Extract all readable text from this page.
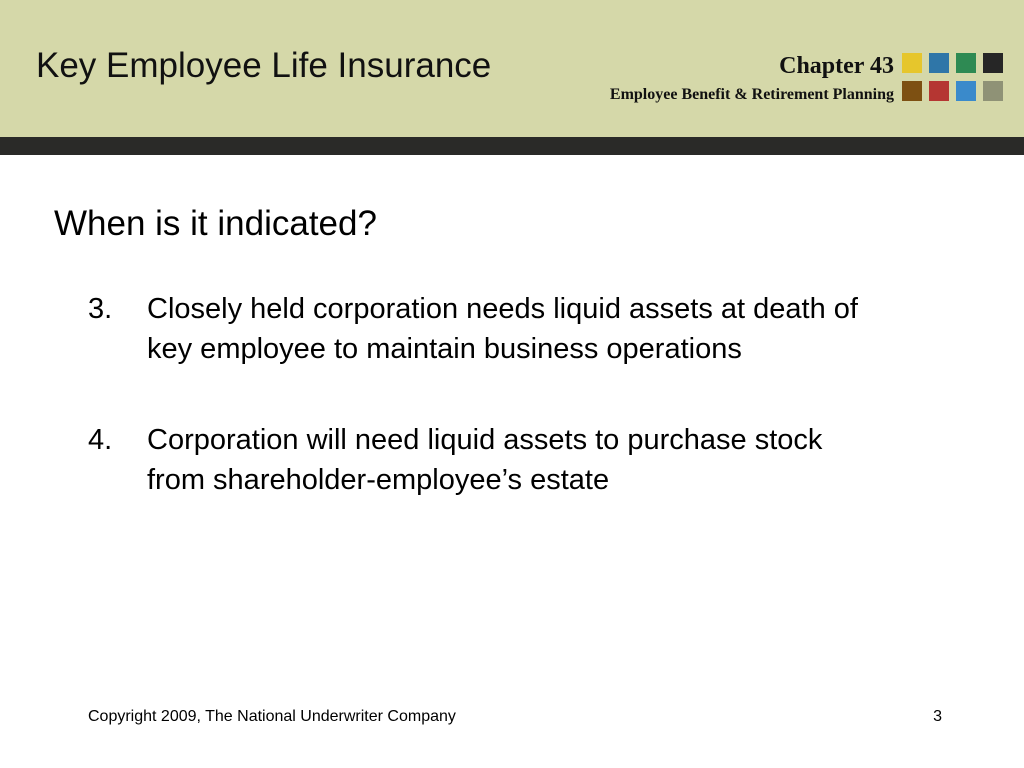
Key Employee Life Insurance	Chapter 43
Employee Benefit & Retirement Planning
When is it indicated?
3.	Closely held corporation needs liquid assets at death of key employee to maintain business operations
4.	Corporation will need liquid assets to purchase stock from shareholder-employee’s estate
Copyright 2009, The National Underwriter Company	3
